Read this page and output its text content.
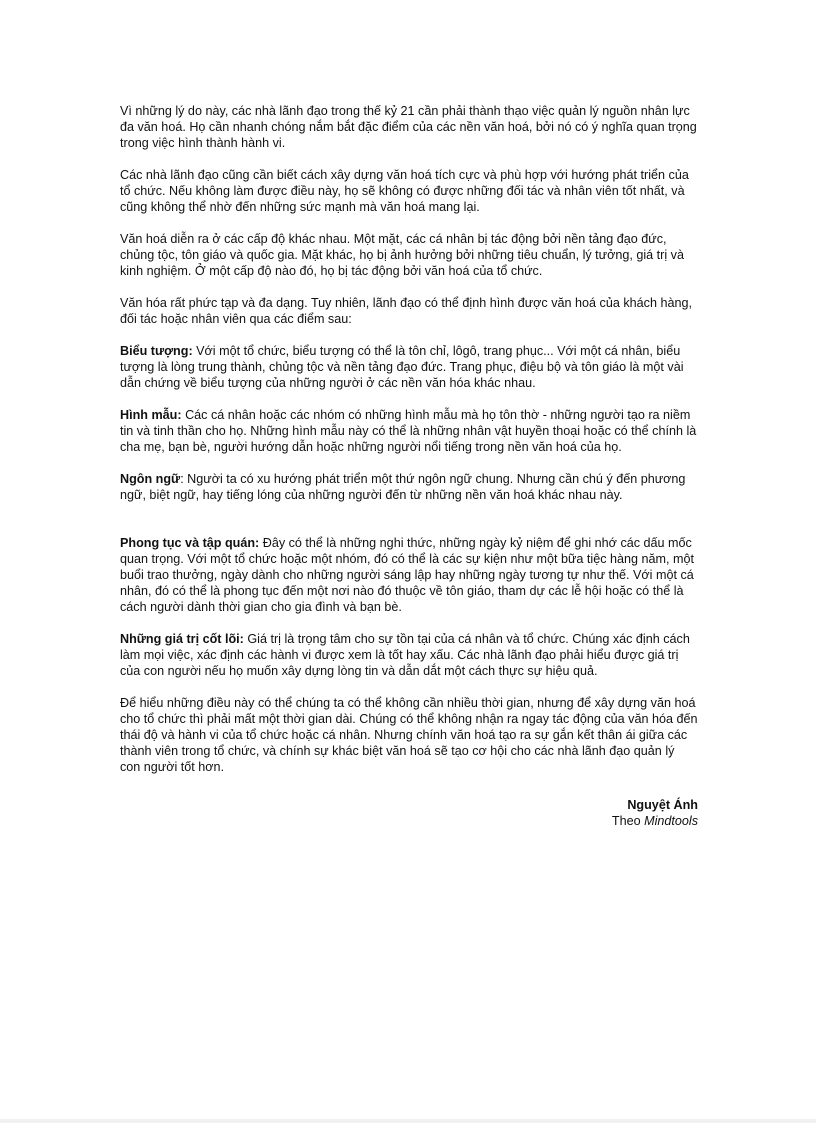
Vì những lý do này, các nhà lãnh đạo trong thế kỷ 21 cần phải thành thạo việc quản lý nguồn nhân lực đa văn hoá. Họ cần nhanh chóng nắm bắt đặc điểm của các nền văn hoá, bởi nó có ý nghĩa quan trọng trong việc hình thành hành vi.

Các nhà lãnh đạo cũng cần biết cách xây dựng văn hoá tích cực và phù hợp với hướng phát triển của tổ chức. Nếu không làm được điều này, họ sẽ không có được những đối tác và nhân viên tốt nhất, và cũng không thể nhờ đến những sức mạnh mà văn hoá mang lại.

Văn hoá diễn ra ở các cấp độ khác nhau. Một mặt, các cá nhân bị tác động bởi nền tảng đạo đức, chủng tộc, tôn giáo và quốc gia. Mặt khác, họ bị ảnh hưởng bởi những tiêu chuẩn, lý tưởng, giá trị và kinh nghiệm. Ở một cấp độ nào đó, họ bị tác động bởi văn hoá của tổ chức.

Văn hóa rất phức tạp và đa dạng. Tuy nhiên, lãnh đạo có thể định hình được văn hoá của khách hàng, đối tác hoặc nhân viên qua các điểm sau:

Biểu tượng: Với một tổ chức, biểu tượng có thể là tôn chỉ, lôgô, trang phục... Với một cá nhân, biểu tượng là lòng trung thành, chủng tộc và nền tảng đạo đức. Trang phục, điệu bộ và tôn giáo là một vài dẫn chứng về biểu tượng của những người ở các nền văn hóa khác nhau.

Hình mẫu: Các cá nhân hoặc các nhóm có những hình mẫu mà họ tôn thờ - những người tạo ra niềm tin và tinh thần cho họ. Những hình mẫu này có thể là những nhân vật huyền thoại hoặc có thể chính là cha mẹ, bạn bè, người hướng dẫn hoặc những người nổi tiếng trong nền văn hoá của họ.

Ngôn ngữ: Người ta có xu hướng phát triển một thứ ngôn ngữ chung. Nhưng cần chú ý đến phương ngữ, biệt ngữ, hay tiếng lóng của những người đến từ những nền văn hoá khác nhau này.

Phong tục và tập quán: Đây có thể là những nghi thức, những ngày kỷ niệm để ghi nhớ các dấu mốc quan trọng. Với một tổ chức hoặc một nhóm, đó có thể là các sự kiện như một bữa tiệc hàng năm, một buổi trao thưởng, ngày dành cho những người sáng lập hay những ngày tương tự như thế. Với một cá nhân, đó có thể là phong tục đến một nơi nào đó thuộc về tôn giáo, tham dự các lễ hội hoặc có thể là cách người dành thời gian cho gia đình và bạn bè.

Những giá trị cốt lõi: Giá trị là trọng tâm cho sự tồn tại của cá nhân và tổ chức. Chúng xác định cách làm mọi việc, xác định các hành vi được xem là tốt hay xấu. Các nhà lãnh đạo phải hiểu được giá trị của con người nếu họ muốn xây dựng lòng tin và dẫn dắt một cách thực sự hiệu quả.

Để hiểu những điều này có thể chúng ta có thể không cần nhiều thời gian, nhưng để xây dựng văn hoá cho tổ chức thì phải mất một thời gian dài. Chúng có thể không nhận ra ngay tác động của văn hóa đến thái độ và hành vi của tổ chức hoặc cá nhân. Nhưng chính văn hoá tạo ra sự gắn kết thân ái giữa các thành viên trong tổ chức, và chính sự khác biệt văn hoá sẽ tạo cơ hội cho các nhà lãnh đạo quản lý con người tốt hơn.

Nguyệt Ánh
Theo Mindtools
